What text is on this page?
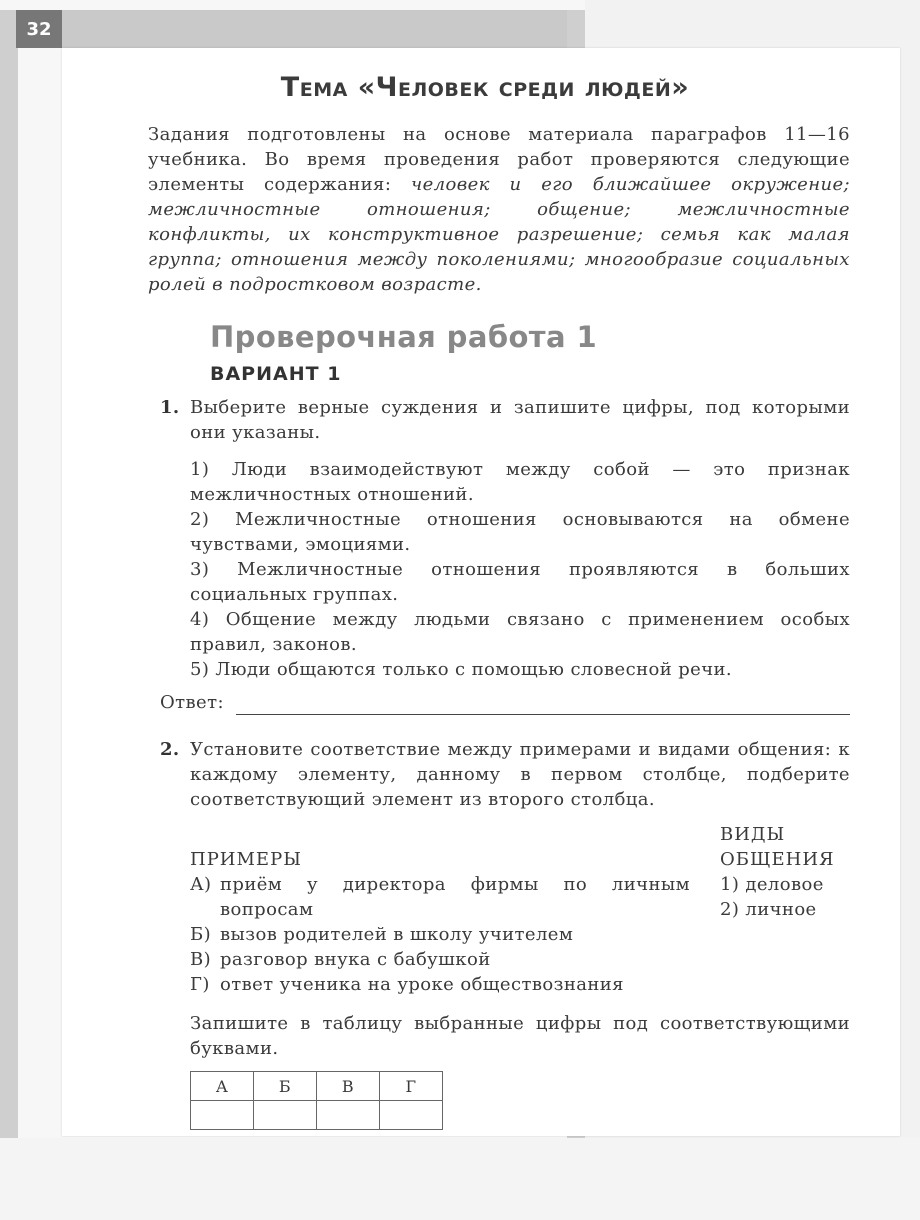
32
Тема «Человек среди людей»

Задания подготовлены на основе материала параграфов 11—16 учебника. Во время проведения работ проверяются следующие элементы содержания: человек и его ближайшее окружение; межличностные отношения; общение; межличностные конфликты, их конструктивное разрешение; семья как малая группа; отношения между поколениями; многообразие социальных ролей в подростковом возрасте.

Проверочная работа 1
ВАРИАНТ 1
1. Выберите верные суждения и запишите цифры, под которыми они указаны.

1) Люди взаимодействуют между собой — это признак межличностных отношений.

2) Межличностные отношения основываются на обмене чувствами, эмоциями.

3) Межличностные отношения проявляются в больших социальных группах.

4) Общение между людьми связано с применением особых правил, законов.

5) Люди общаются только с помощью словесной речи.

Ответ:
2. Установите соответствие между примерами и видами общения: к каждому элементу, данному в первом столбце, подберите соответствующий элемент из второго столбца.

ПРИМЕРЫ

А) приём у директора фирмы по личным вопросам
Б) вызов родителей в школу учителем
В) разговор внука с бабушкой
Г) ответ ученика на уроке обществознания

ВИДЫ

ОБЩЕНИЯ

1) деловое

2) личное

Запишите в таблицу выбранные цифры под соответствующими буквами.

А	Б	В	Г
